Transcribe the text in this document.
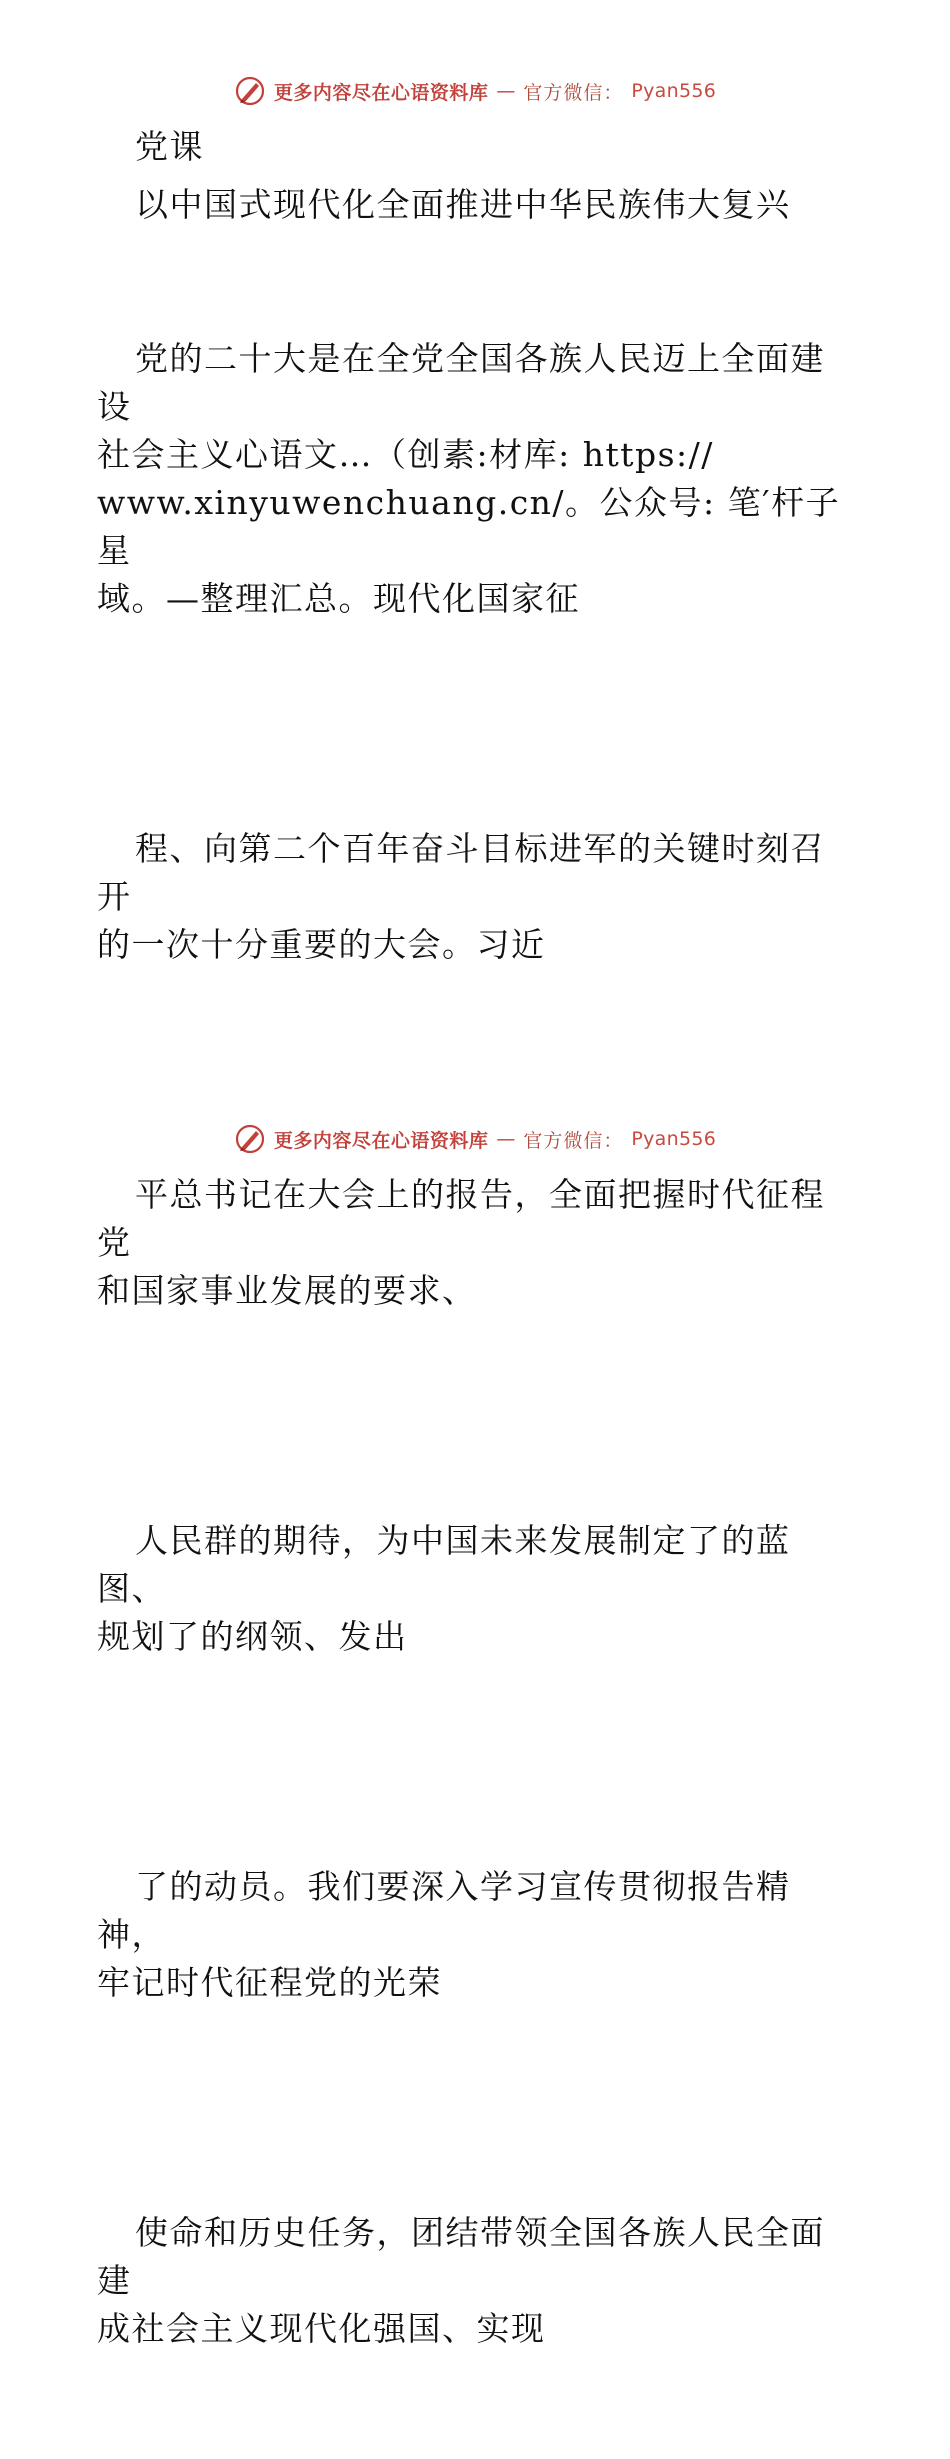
更多内容尽在心语资料库 — 官方微信： Pyan556

党课

以中国式现代化全面推进中华民族伟大复兴

党的二十大是在全党全国各族人民迈上全面建设
社会主义心语文…（创素:材库: https://
www.xinyuwenchuang.cn/。公众号: 笔′杆子星
域。—整理汇总。现代化国家征

程、向第二个百年奋斗目标进军的关键时刻召开
的一次十分重要的大会。习近

平总书记在大会上的报告，全面把握时代征程党
和国家事业发展的要求、

人民群的期待，为中国未来发展制定了的蓝图、
规划了的纲领、发出

了的动员。我们要深入学习宣传贯彻报告精神，
牢记时代征程党的光荣

使命和历史任务，团结带领全国各族人民全面建
成社会主义现代化强国、实现

更多内容尽在心语资料库 — 官方微信： Pyan556
